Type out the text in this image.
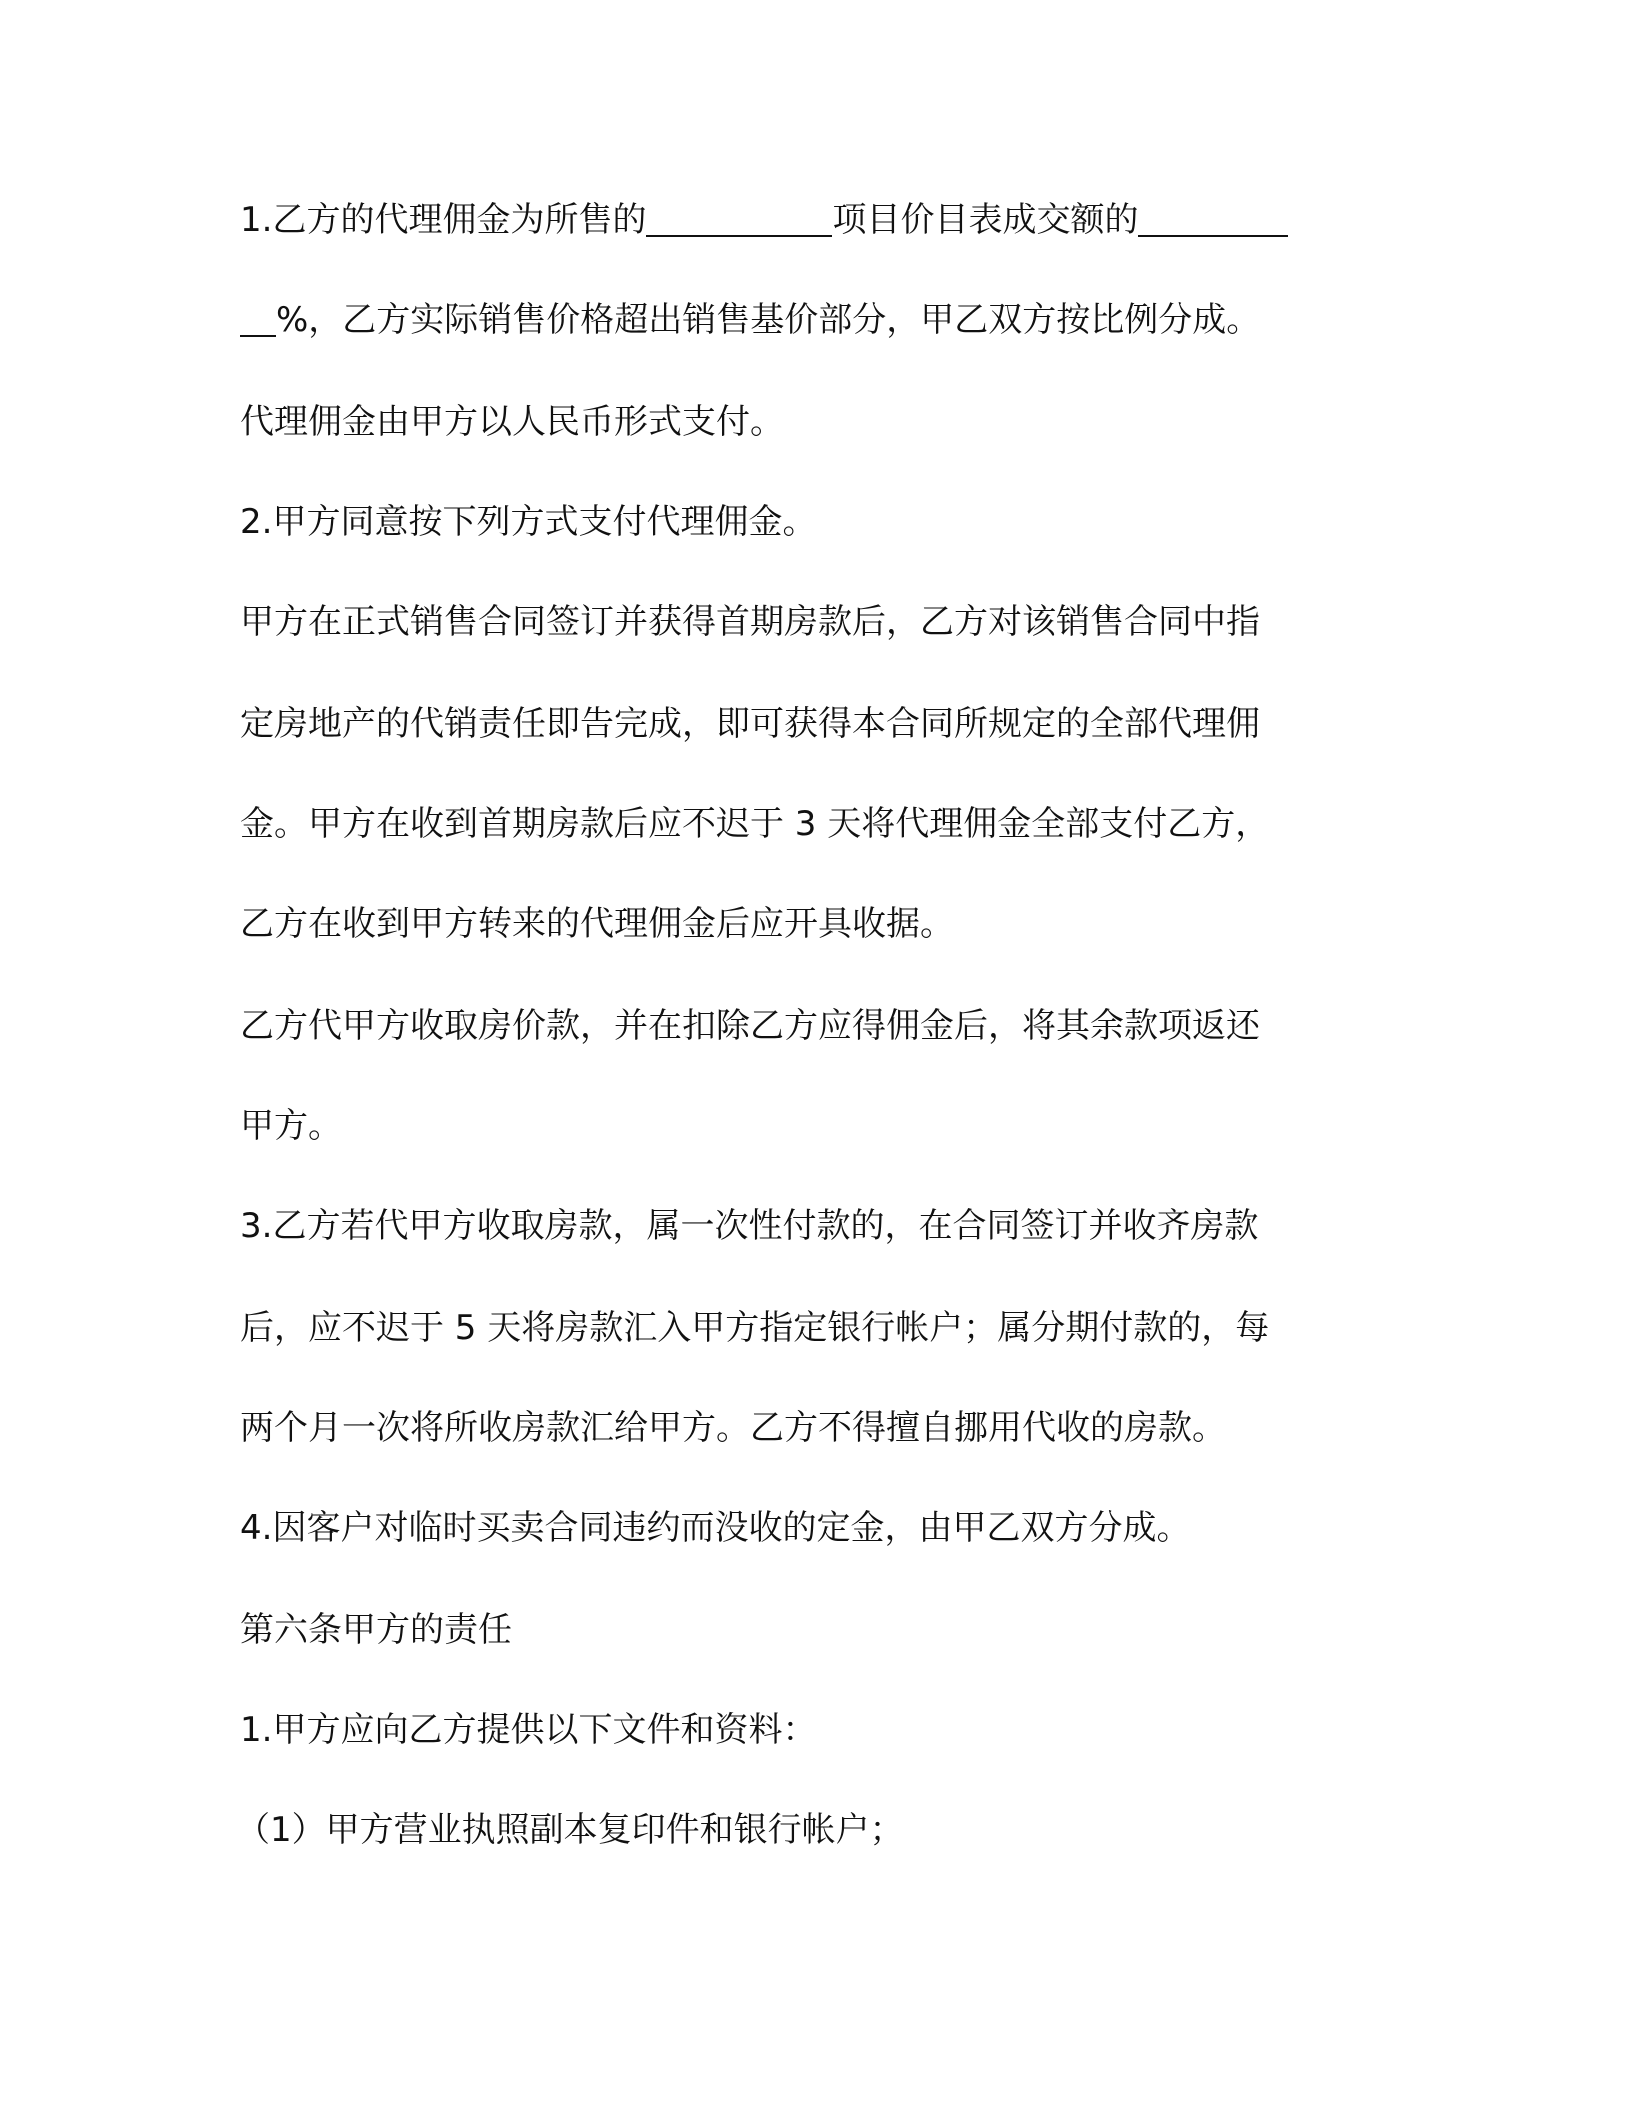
1.乙方的代理佣金为所售的	项目价目表成交额的
%，乙方实际销售价格超出销售基价部分，甲乙双方按比例分成。
代理佣金由甲方以人民币形式支付。
2.甲方同意按下列方式支付代理佣金。
甲方在正式销售合同签订并获得首期房款后，乙方对该销售合同中指
定房地产的代销责任即告完成，即可获得本合同所规定的全部代理佣
金。甲方在收到首期房款后应不迟于 3 天将代理佣金全部支付乙方，
乙方在收到甲方转来的代理佣金后应开具收据。
乙方代甲方收取房价款，并在扣除乙方应得佣金后，将其余款项返还
甲方。
3.乙方若代甲方收取房款，属一次性付款的，在合同签订并收齐房款
后，应不迟于 5 天将房款汇入甲方指定银行帐户；属分期付款的，每
两个月一次将所收房款汇给甲方。乙方不得擅自挪用代收的房款。
4.因客户对临时买卖合同违约而没收的定金，由甲乙双方分成。
第六条甲方的责任
1.甲方应向乙方提供以下文件和资料：
（1）甲方营业执照副本复印件和银行帐户；
